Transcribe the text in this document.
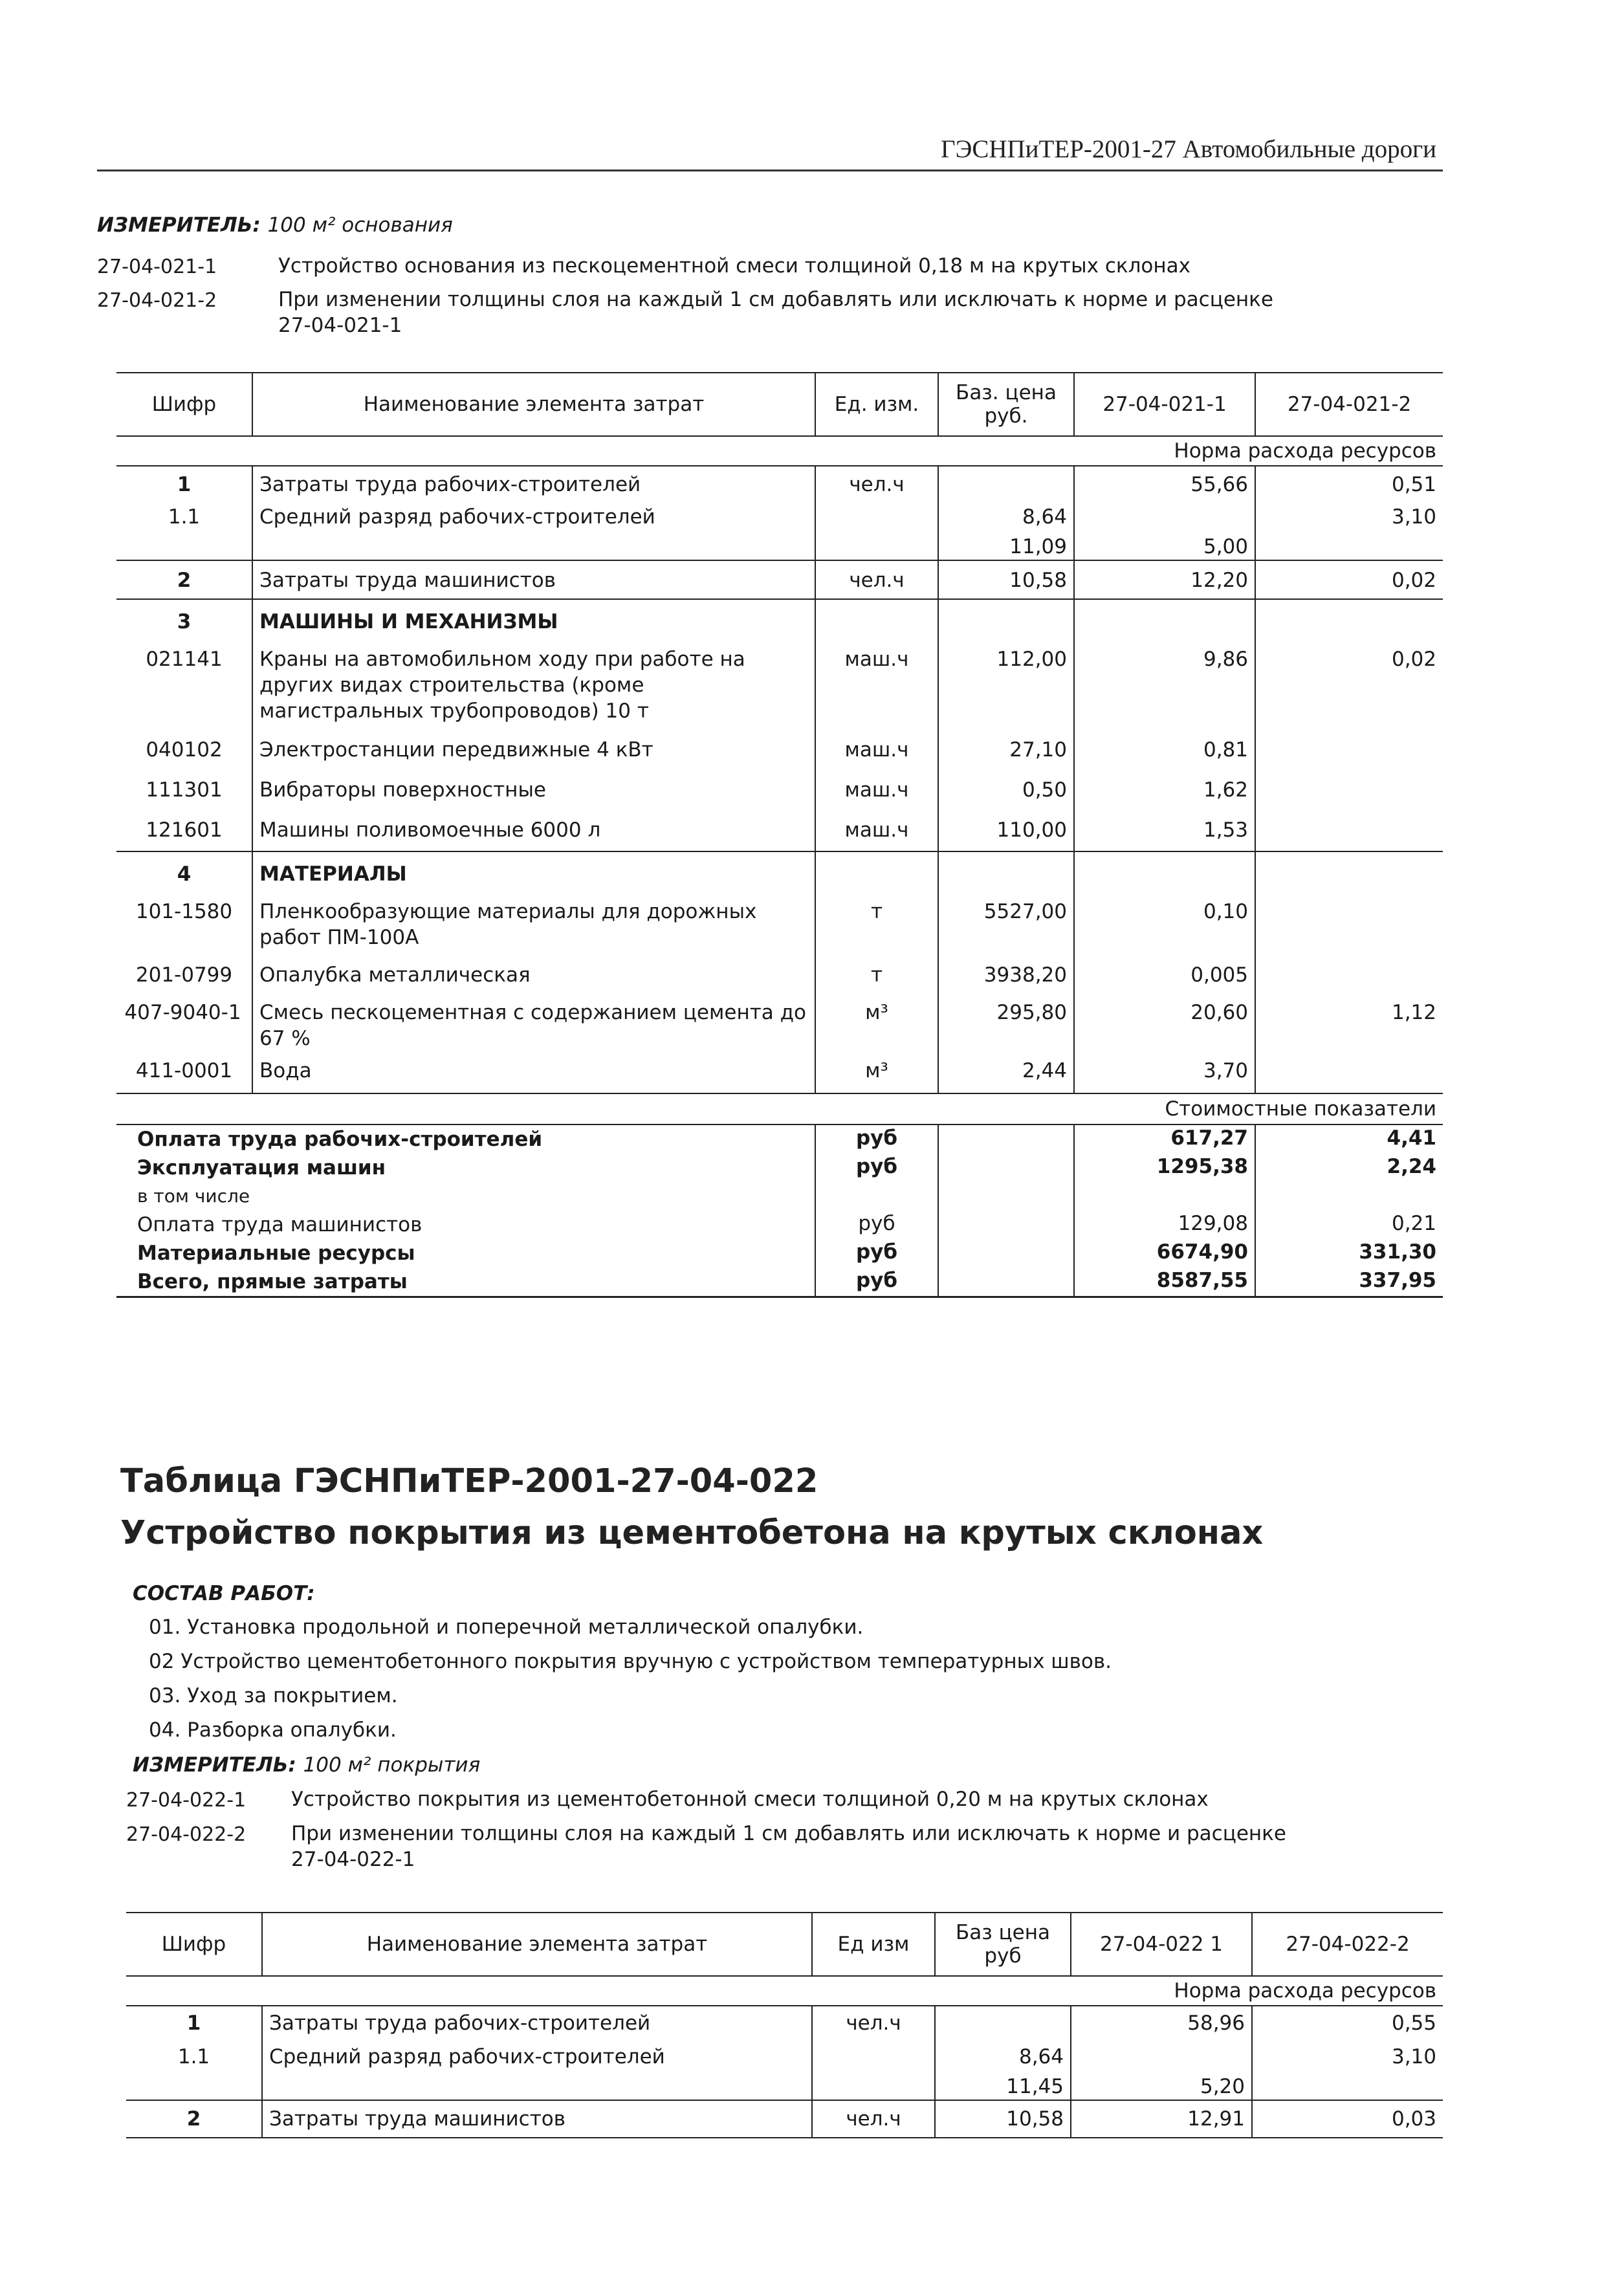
ГЭСНПиТЕР-2001-27 Автомобильные дороги
ИЗМЕРИТЕЛЬ: 100 м² основания
27-04-021-1	Устройство основания из пескоцементной смеси толщиной 0,18 м на крутых склонах
27-04-021-2	При изменении толщины слоя на каждый 1 см добавлять или исключать к норме и расценке
27-04-021-1
Шифр	Наименование элемента затрат	Ед. изм.	Баз. цена руб.	27-04-021-1	27-04-021-2
Норма расхода ресурсов					
1	Затраты труда рабочих-строителей	чел.ч		55,66	0,51
1.1	Средний разряд рабочих-строителей		8,64		3,10
			11,09	5,00	
2	Затраты труда машинистов	чел.ч	10,58	12,20	0,02
3	МАШИНЫ И МЕХАНИЗМЫ				
021141	Краны на автомобильном ходу при работе на других видах строительства (кроме магистральных трубопроводов) 10 т	маш.ч	112,00	9,86	0,02
040102	Электростанции передвижные 4 кВт	маш.ч	27,10	0,81	
111301	Вибраторы поверхностные	маш.ч	0,50	1,62	
121601	Машины поливомоечные 6000 л	маш.ч	110,00	1,53	
4	МАТЕРИАЛЫ				
101-1580	Пленкообразующие материалы для дорожных работ ПМ-100А	т	5527,00	0,10	
201-0799	Опалубка металлическая	т	3938,20	0,005	
407-9040-1	Смесь пескоцементная с содержанием цемента до 67 %	м³	295,80	20,60	1,12
411-0001	Вода	м³	2,44	3,70	
Стоимостные показатели					
Оплата труда рабочих-строителей		руб		617,27	4,41
Эксплуатация машин		руб		1295,38	2,24
в том числе					
Оплата труда машинистов		руб		129,08	0,21
Материальные ресурсы		руб		6674,90	331,30
Всего, прямые затраты		руб		8587,55	337,95
Таблица ГЭСНПиТЕР-2001-27-04-022
Устройство покрытия из цементобетона на крутых склонах
СОСТАВ РАБОТ:
01. Установка продольной и поперечной металлической опалубки.
02 Устройство цементобетонного покрытия вручную с устройством температурных швов.
03. Уход за покрытием.
04. Разборка опалубки.
ИЗМЕРИТЕЛЬ: 100 м² покрытия
27-04-022-1 Устройство покрытия из цементобетонной смеси толщиной 0,20 м на крутых склонах
27-04-022-2 При изменении толщины слоя на каждый 1 см добавлять или исключать к норме и расценке
27-04-022-1
Шифр	Наименование элемента затрат	Ед изм	Баз цена руб	27-04-022 1	27-04-022-2
Норма расхода ресурсов					
1	Затраты труда рабочих-строителей	чел.ч		58,96	0,55
1.1	Средний разряд рабочих-строителей		8,64		3,10
			11,45	5,20	
2	Затраты труда машинистов	чел.ч	10,58	12,91	0,03
